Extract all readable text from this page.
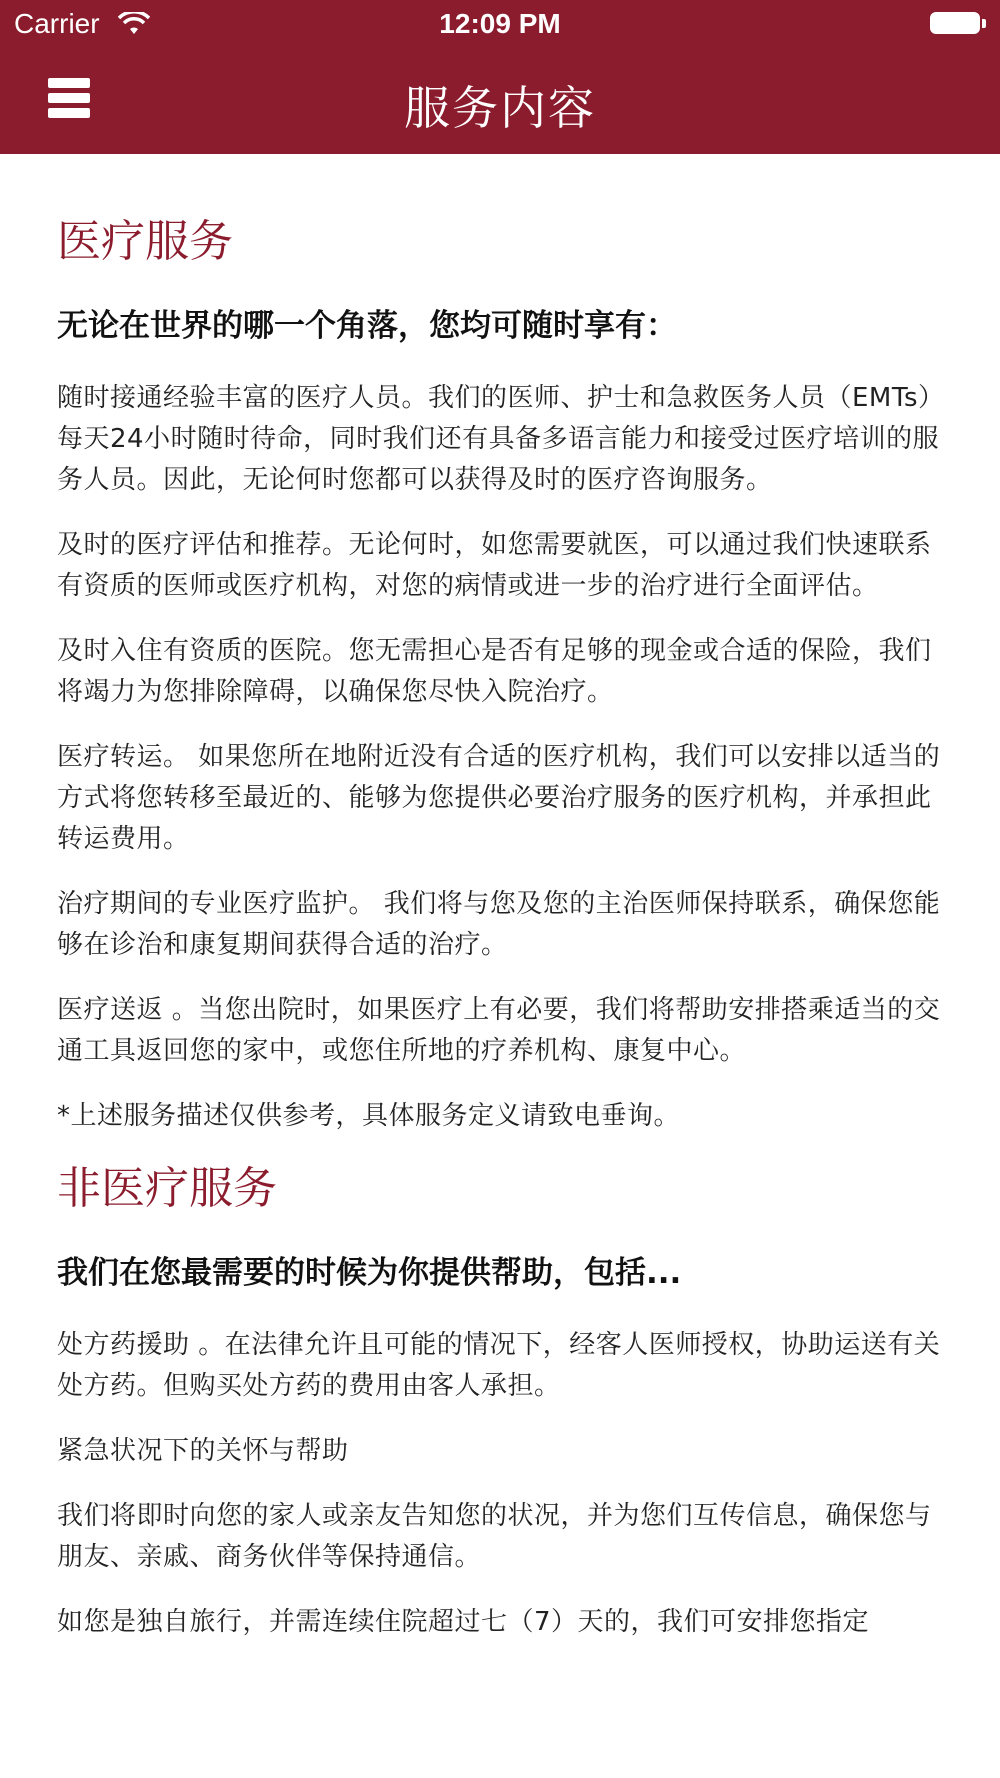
Carrier	12:09 PM
服务内容
医疗服务
无论在世界的哪一个角落，您均可随时享有：

随时接通经验丰富的医疗人员。我们的医师、护士和急救医务人员（EMTs）每天24小时随时待命，同时我们还有具备多语言能力和接受过医疗培训的服务人员。因此，无论何时您都可以获得及时的医疗咨询服务。

及时的医疗评估和推荐。无论何时，如您需要就医，可以通过我们快速联系有资质的医师或医疗机构，对您的病情或进一步的治疗进行全面评估。

及时入住有资质的医院。您无需担心是否有足够的现金或合适的保险，我们将竭力为您排除障碍，以确保您尽快入院治疗。

医疗转运。 如果您所在地附近没有合适的医疗机构，我们可以安排以适当的方式将您转移至最近的、能够为您提供必要治疗服务的医疗机构，并承担此转运费用。

治疗期间的专业医疗监护。 我们将与您及您的主治医师保持联系，确保您能够在诊治和康复期间获得合适的治疗。

医疗送返 。当您出院时，如果医疗上有必要，我们将帮助安排搭乘适当的交通工具返回您的家中，或您住所地的疗养机构、康复中心。

*上述服务描述仅供参考，具体服务定义请致电垂询。

非医疗服务
我们在您最需要的时候为你提供帮助，包括...

处方药援助 。在法律允许且可能的情况下，经客人医师授权，协助运送有关处方药。但购买处方药的费用由客人承担。

紧急状况下的关怀与帮助

我们将即时向您的家人或亲友告知您的状况，并为您们互传信息，确保您与朋友、亲戚、商务伙伴等保持通信。

如您是独自旅行，并需连续住院超过七（7）天的，我们可安排您指定
